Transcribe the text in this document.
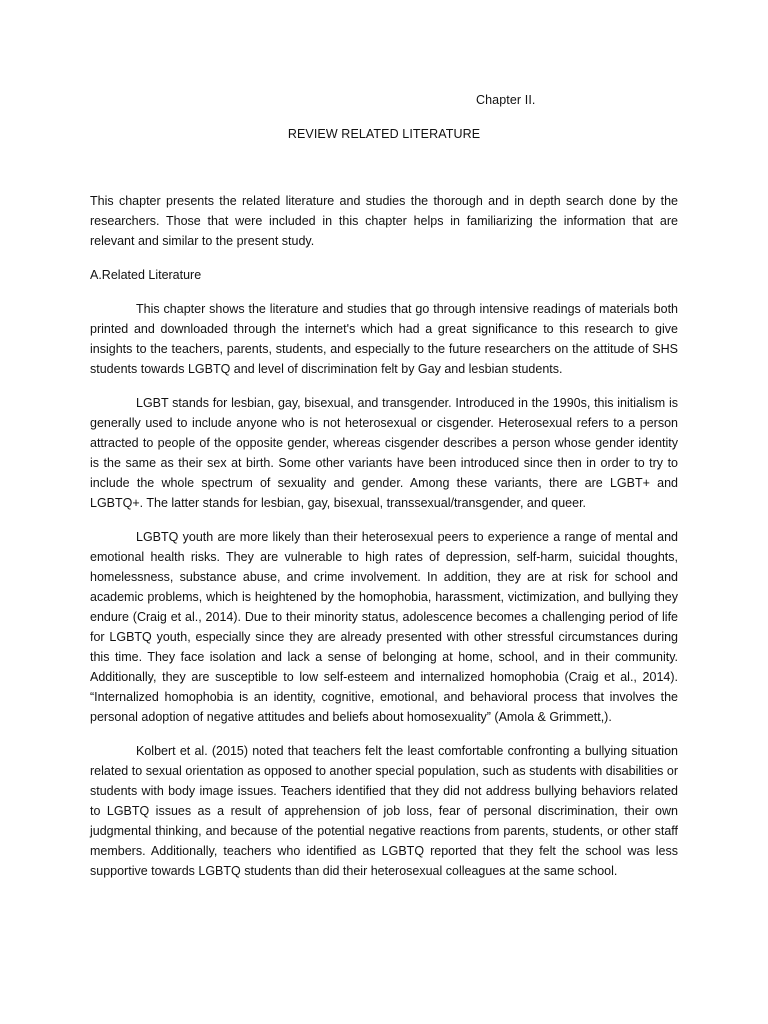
Chapter II.
REVIEW RELATED LITERATURE

This chapter presents the related literature and studies the thorough and in depth search done by the researchers. Those that were included in this chapter helps in familiarizing the information that are relevant and similar to the present study.

A.Related Literature

This chapter shows the literature and studies that go through intensive readings of materials both printed and downloaded through the internet's which had a great significance to this research to give insights to the teachers, parents, students, and especially to the future researchers on the attitude of SHS students towards LGBTQ and level of discrimination felt by Gay and lesbian students.

LGBT stands for lesbian, gay, bisexual, and transgender. Introduced in the 1990s, this initialism is generally used to include anyone who is not heterosexual or cisgender. Heterosexual refers to a person attracted to people of the opposite gender, whereas cisgender describes a person whose gender identity is the same as their sex at birth. Some other variants have been introduced since then in order to try to include the whole spectrum of sexuality and gender. Among these variants, there are LGBT+ and LGBTQ+. The latter stands for lesbian, gay, bisexual, transsexual/transgender, and queer.

LGBTQ youth are more likely than their heterosexual peers to experience a range of mental and emotional health risks. They are vulnerable to high rates of depression, self-harm, suicidal thoughts, homelessness, substance abuse, and crime involvement. In addition, they are at risk for school and academic problems, which is heightened by the homophobia, harassment, victimization, and bullying they endure (Craig et al., 2014). Due to their minority status, adolescence becomes a challenging period of life for LGBTQ youth, especially since they are already presented with other stressful circumstances during this time. They face isolation and lack a sense of belonging at home, school, and in their community. Additionally, they are susceptible to low self-esteem and internalized homophobia (Craig et al., 2014). “Internalized homophobia is an identity, cognitive, emotional, and behavioral process that involves the personal adoption of negative attitudes and beliefs about homosexuality” (Amola & Grimmett,).

Kolbert et al. (2015) noted that teachers felt the least comfortable confronting a bullying situation related to sexual orientation as opposed to another special population, such as students with disabilities or students with body image issues. Teachers identified that they did not address bullying behaviors related to LGBTQ issues as a result of apprehension of job loss, fear of personal discrimination, their own judgmental thinking, and because of the potential negative reactions from parents, students, or other staff members. Additionally, teachers who identified as LGBTQ reported that they felt the school was less supportive towards LGBTQ students than did their heterosexual colleagues at the same school.
